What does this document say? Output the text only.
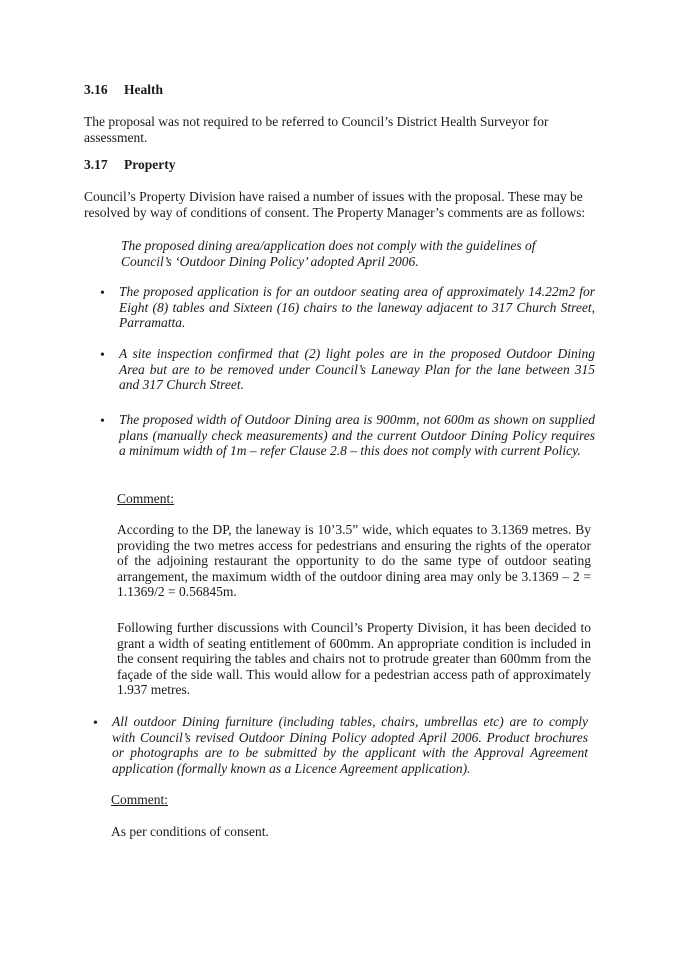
3.16 Health
The proposal was not required to be referred to Council’s District Health Surveyor for assessment.
3.17 Property
Council’s Property Division have raised a number of issues with the proposal. These may be resolved by way of conditions of consent. The Property Manager’s comments are as follows:
The proposed dining area/application does not comply with the guidelines of Council’s ‘Outdoor Dining Policy’ adopted April 2006.
• The proposed application is for an outdoor seating area of approximately 14.22m2 for Eight (8) tables and Sixteen (16) chairs to the laneway adjacent to 317 Church Street, Parramatta.
• A site inspection confirmed that (2) light poles are in the proposed Outdoor Dining Area but are to be removed under Council’s Laneway Plan for the lane between 315 and 317 Church Street.
• The proposed width of Outdoor Dining area is 900mm, not 600m as shown on supplied plans (manually check measurements) and the current Outdoor Dining Policy requires a minimum width of 1m – refer Clause 2.8 – this does not comply with current Policy.
Comment:
According to the DP, the laneway is 10’3.5” wide, which equates to 3.1369 metres. By providing the two metres access for pedestrians and ensuring the rights of the operator of the adjoining restaurant the opportunity to do the same type of outdoor seating arrangement, the maximum width of the outdoor dining area may only be 3.1369 – 2 = 1.1369/2 = 0.56845m.
Following further discussions with Council’s Property Division, it has been decided to grant a width of seating entitlement of 600mm. An appropriate condition is included in the consent requiring the tables and chairs not to protrude greater than 600mm from the façade of the side wall. This would allow for a pedestrian access path of approximately 1.937 metres.
• All outdoor Dining furniture (including tables, chairs, umbrellas etc) are to comply with Council’s revised Outdoor Dining Policy adopted April 2006. Product brochures or photographs are to be submitted by the applicant with the Approval Agreement application (formally known as a Licence Agreement application).
Comment:
As per conditions of consent.
